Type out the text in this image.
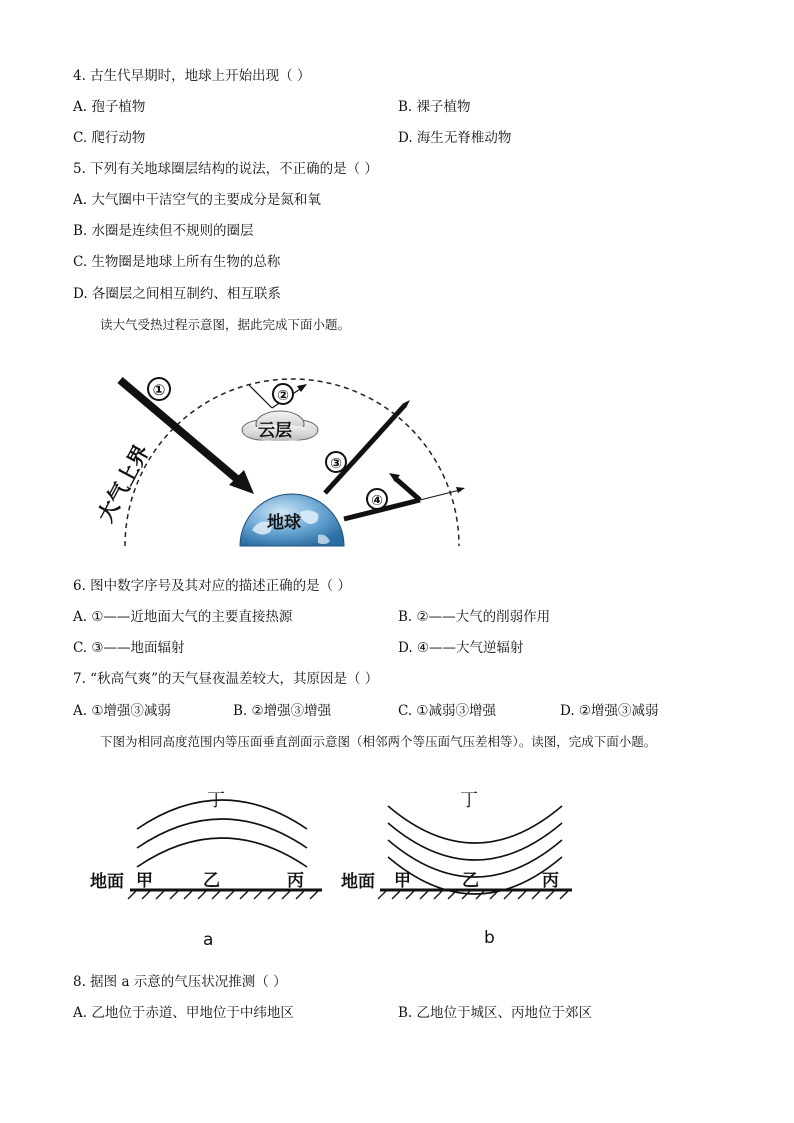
4. 古生代早期时，地球上开始出现（ ）
A. 孢子植物	B. 裸子植物
C. 爬行动物	D. 海生无脊椎动物
5. 下列有关地球圈层结构的说法，不正确的是（ ）
A. 大气圈中干洁空气的主要成分是氮和氧
B. 水圈是连续但不规则的圈层
C. 生物圈是地球上所有生物的总称
D. 各圈层之间相互制约、相互联系
读大气受热过程示意图，据此完成下面小题。
地球
①	②
云层
③
④
大气上界
6. 图中数字序号及其对应的描述正确的是（ ）
A. ①——近地面大气的主要直接热源	B. ②——大气的削弱作用
C. ③——地面辐射	D. ④——大气逆辐射
7. “秋高气爽”的天气昼夜温差较大，其原因是（ ）
A. ①增强③减弱	B. ②增强③增强	C. ①减弱③增强	D. ②增强③减弱
下图为相同高度范围内等压面垂直剖面示意图（相邻两个等压面气压差相等）。读图，完成下面小题。
丁
地面 甲	乙	丙
a
丁
地面 甲	乙	丙
b
8. 据图 a 示意的气压状况推测（ ）
A. 乙地位于赤道、甲地位于中纬地区	B. 乙地位于城区、丙地位于郊区
